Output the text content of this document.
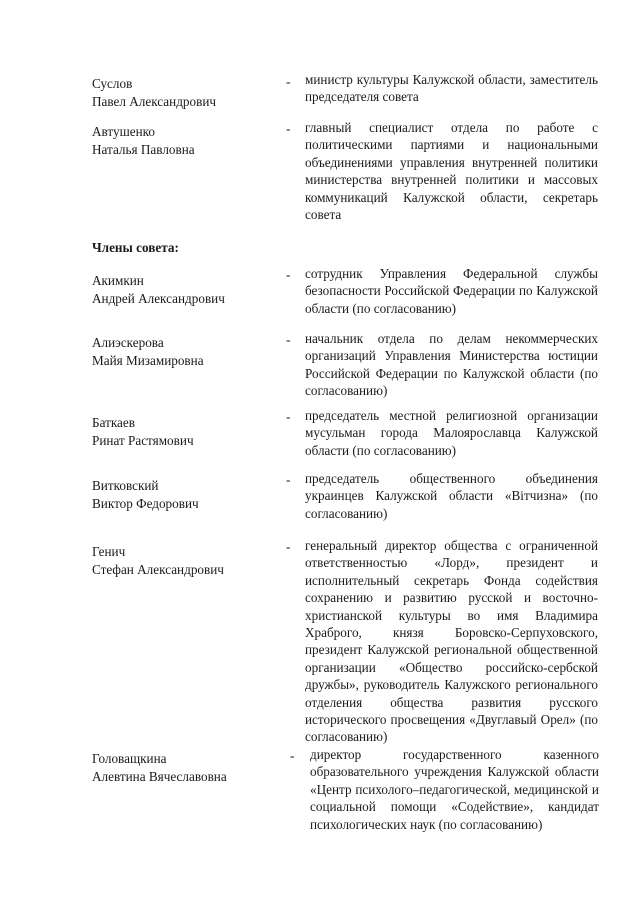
Суслов
Павел Александрович
- министр культуры Калужской области, заместитель председателя совета
Автушенко
Наталья Павловна
- главный специалист отдела по работе с политическими партиями и национальными объединениями управления внутренней политики министерства внутренней политики и массовых коммуникаций Калужской области, секретарь совета
Члены совета:
Акимкин
Андрей Александрович
- сотрудник Управления Федеральной службы безопасности Российской Федерации по Калужской области (по согласованию)
Алиэскерова
Майя Мизамировна
- начальник отдела по делам некоммерческих организаций Управления Министерства юстиции Российской Федерации по Калужской области (по согласованию)
Баткаев
Ринат Растямович
- председатель местной религиозной организации мусульман города Малоярославца Калужской области (по согласованию)
Витковский
Виктор Федорович
- председатель общественного объединения украинцев Калужской области «Вітчизна» (по согласованию)
Генич
Стефан Александрович
- генеральный директор общества с ограниченной ответственностью «Лорд», президент и исполнительный секретарь Фонда содействия сохранению и развитию русской и восточно-христианской культуры во имя Владимира Храброго, князя Боровско-Серпуховского, президент Калужской региональной общественной организации «Общество российско-сербской дружбы», руководитель Калужского регионального отделения общества развития русского исторического просвещения «Двуглавый Орел» (по согласованию)
Головащкина
Алевтина Вячеславовна
- директор государственного казенного образовательного учреждения Калужской области «Центр психолого–педагогической, медицинской и социальной помощи «Содействие», кандидат психологических наук (по согласованию)
